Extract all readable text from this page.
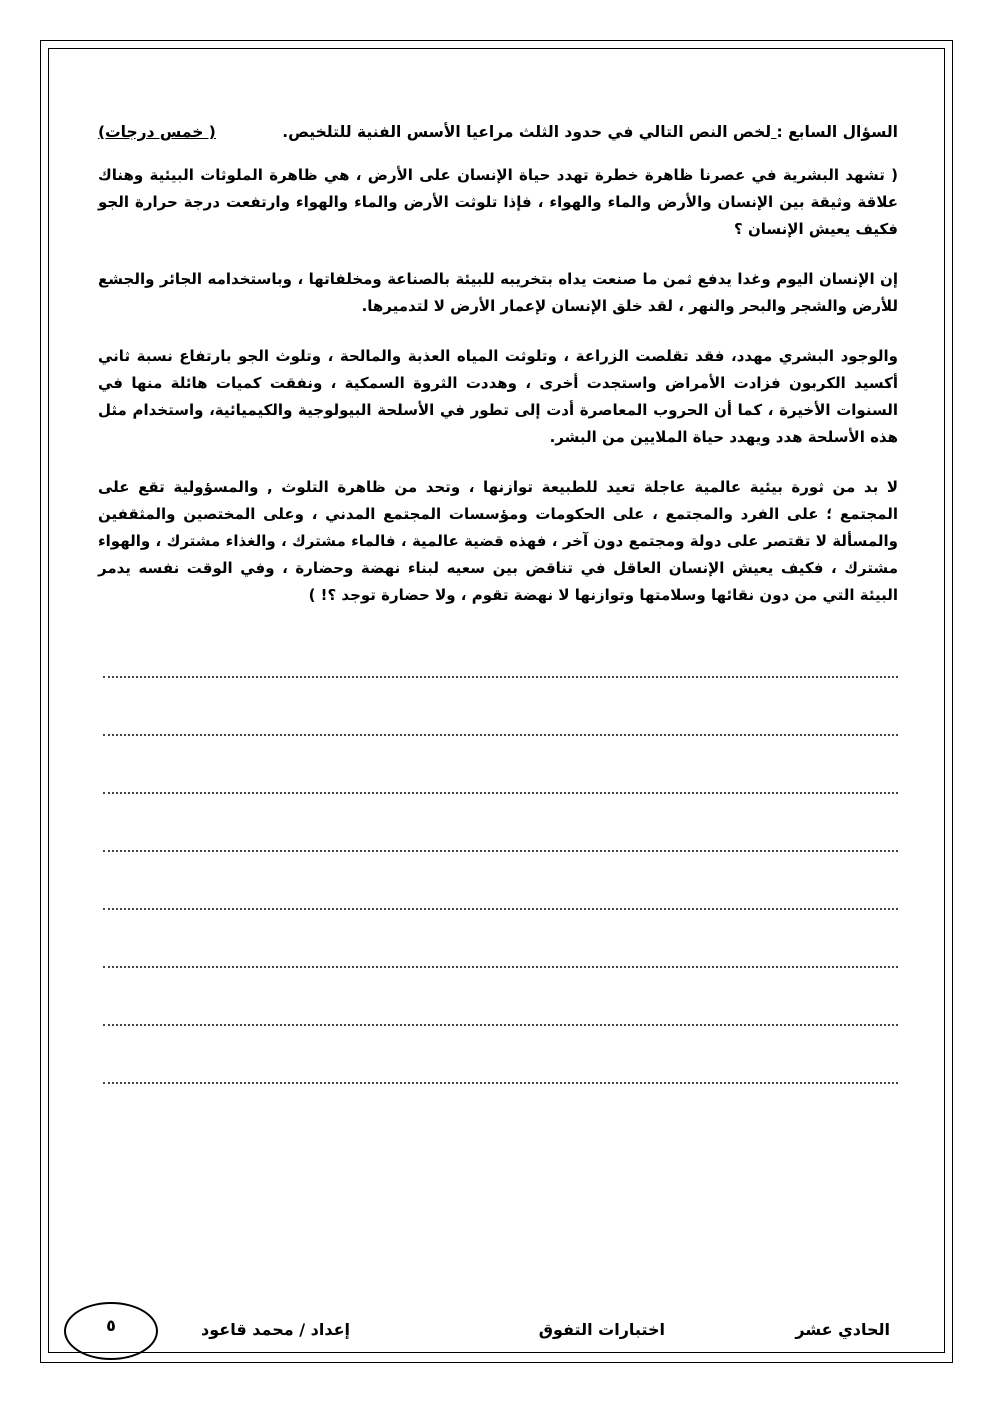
السؤال السابع : لخص النص التالي في حدود الثلث مراعيا الأسس الفنية للتلخيص.
( خمس درجات)

( تشهد البشرية في عصرنا ظاهرة خطرة تهدد حياة الإنسان على الأرض ، هي ظاهرة الملوثات البيئية وهناك علاقة وثيقة بين الإنسان والأرض والماء والهواء ، فإذا تلوثت الأرض والماء والهواء وارتفعت درجة حرارة الجو فكيف يعيش الإنسان ؟

إن الإنسان اليوم وغدا يدفع ثمن ما صنعت يداه بتخريبه للبيئة بالصناعة ومخلفاتها ، وباستخدامه الجائر والجشع للأرض والشجر والبحر والنهر ، لقد خلق الإنسان لإعمار الأرض لا لتدميرها.

والوجود البشري مهدد، فقد تقلصت الزراعة ، وتلوثت المياه العذبة والمالحة ، وتلوث الجو بارتفاع نسبة ثاني أكسيد الكربون فزادت الأمراض واستجدت أخرى ، وهددت الثروة السمكية ، ونفقت كميات هائلة منها في السنوات الأخيرة ، كما أن الحروب المعاصرة أدت إلى تطور في الأسلحة البيولوجية والكيميائية، واستخدام مثل هذه الأسلحة هدد ويهدد حياة الملايين من البشر.

لا بد من ثورة بيئية عالمية عاجلة تعيد للطبيعة توازنها ، وتحد من ظاهرة التلوث , والمسؤولية تقع على المجتمع ؛ على الفرد والمجتمع ، على الحكومات ومؤسسات المجتمع المدني ، وعلى المختصين والمثقفين والمسألة لا تقتصر على دولة ومجتمع دون آخر ، فهذه قضية عالمية ، فالماء مشترك ، والغذاء مشترك ، والهواء مشترك ، فكيف يعيش الإنسان العاقل في تناقض بين سعيه لبناء نهضة وحضارة ، وفي الوقت نفسه يدمر البيئة التي من دون نقائها وسلامتها وتوازنها لا نهضة تقوم ، ولا حضارة توجد ؟! )

الحادي عشر
اختبارات التفوق
إعداد / محمد قاعود
٥
